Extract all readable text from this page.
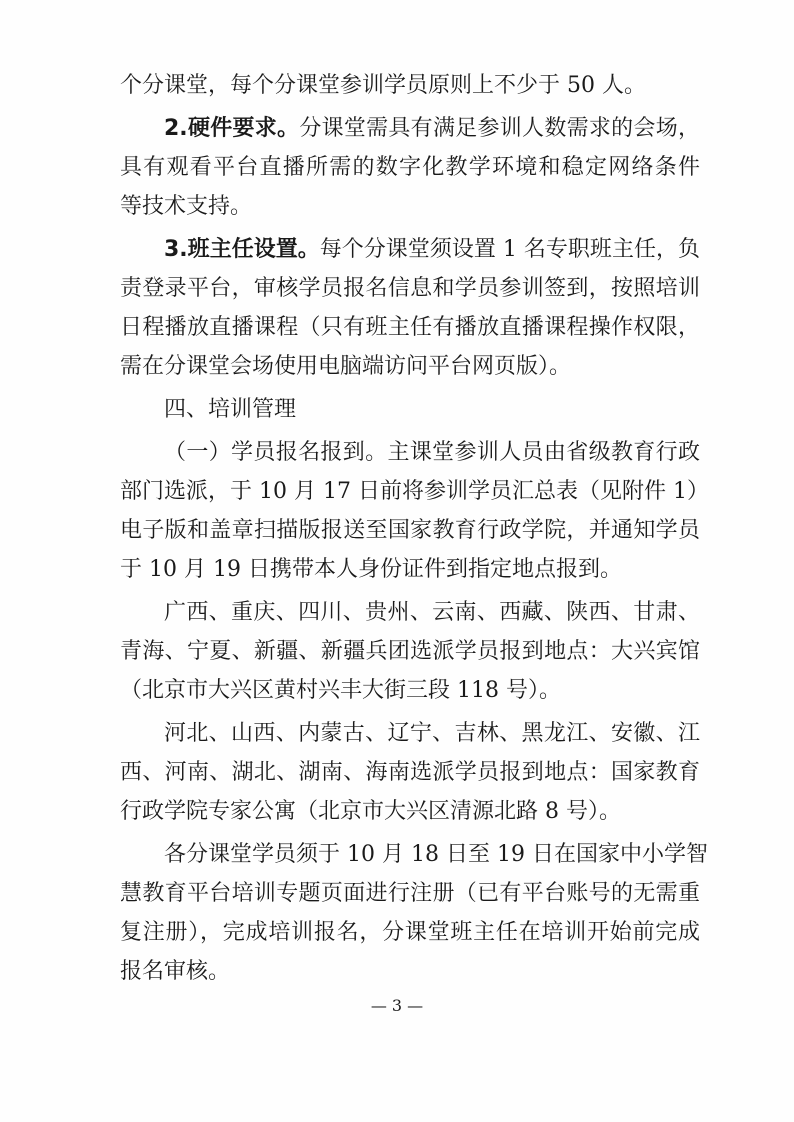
个分课堂，每个分课堂参训学员原则上不少于 50 人。
2.硬件要求。分课堂需具有满足参训人数需求的会场，
具有观看平台直播所需的数字化教学环境和稳定网络条件
等技术支持。
3.班主任设置。每个分课堂须设置 1 名专职班主任，负
责登录平台，审核学员报名信息和学员参训签到，按照培训
日程播放直播课程（只有班主任有播放直播课程操作权限，
需在分课堂会场使用电脑端访问平台网页版）。
四、培训管理
（一）学员报名报到。主课堂参训人员由省级教育行政
部门选派，于 10 月 17 日前将参训学员汇总表（见附件 1）
电子版和盖章扫描版报送至国家教育行政学院，并通知学员
于 10 月 19 日携带本人身份证件到指定地点报到。
广西、重庆、四川、贵州、云南、西藏、陕西、甘肃、
青海、宁夏、新疆、新疆兵团选派学员报到地点：大兴宾馆
（北京市大兴区黄村兴丰大街三段 118 号）。
河北、山西、内蒙古、辽宁、吉林、黑龙江、安徽、江
西、河南、湖北、湖南、海南选派学员报到地点：国家教育
行政学院专家公寓（北京市大兴区清源北路 8 号）。
各分课堂学员须于 10 月 18 日至 19 日在国家中小学智
慧教育平台培训专题页面进行注册（已有平台账号的无需重
复注册），完成培训报名，分课堂班主任在培训开始前完成
报名审核。
— 3 —
